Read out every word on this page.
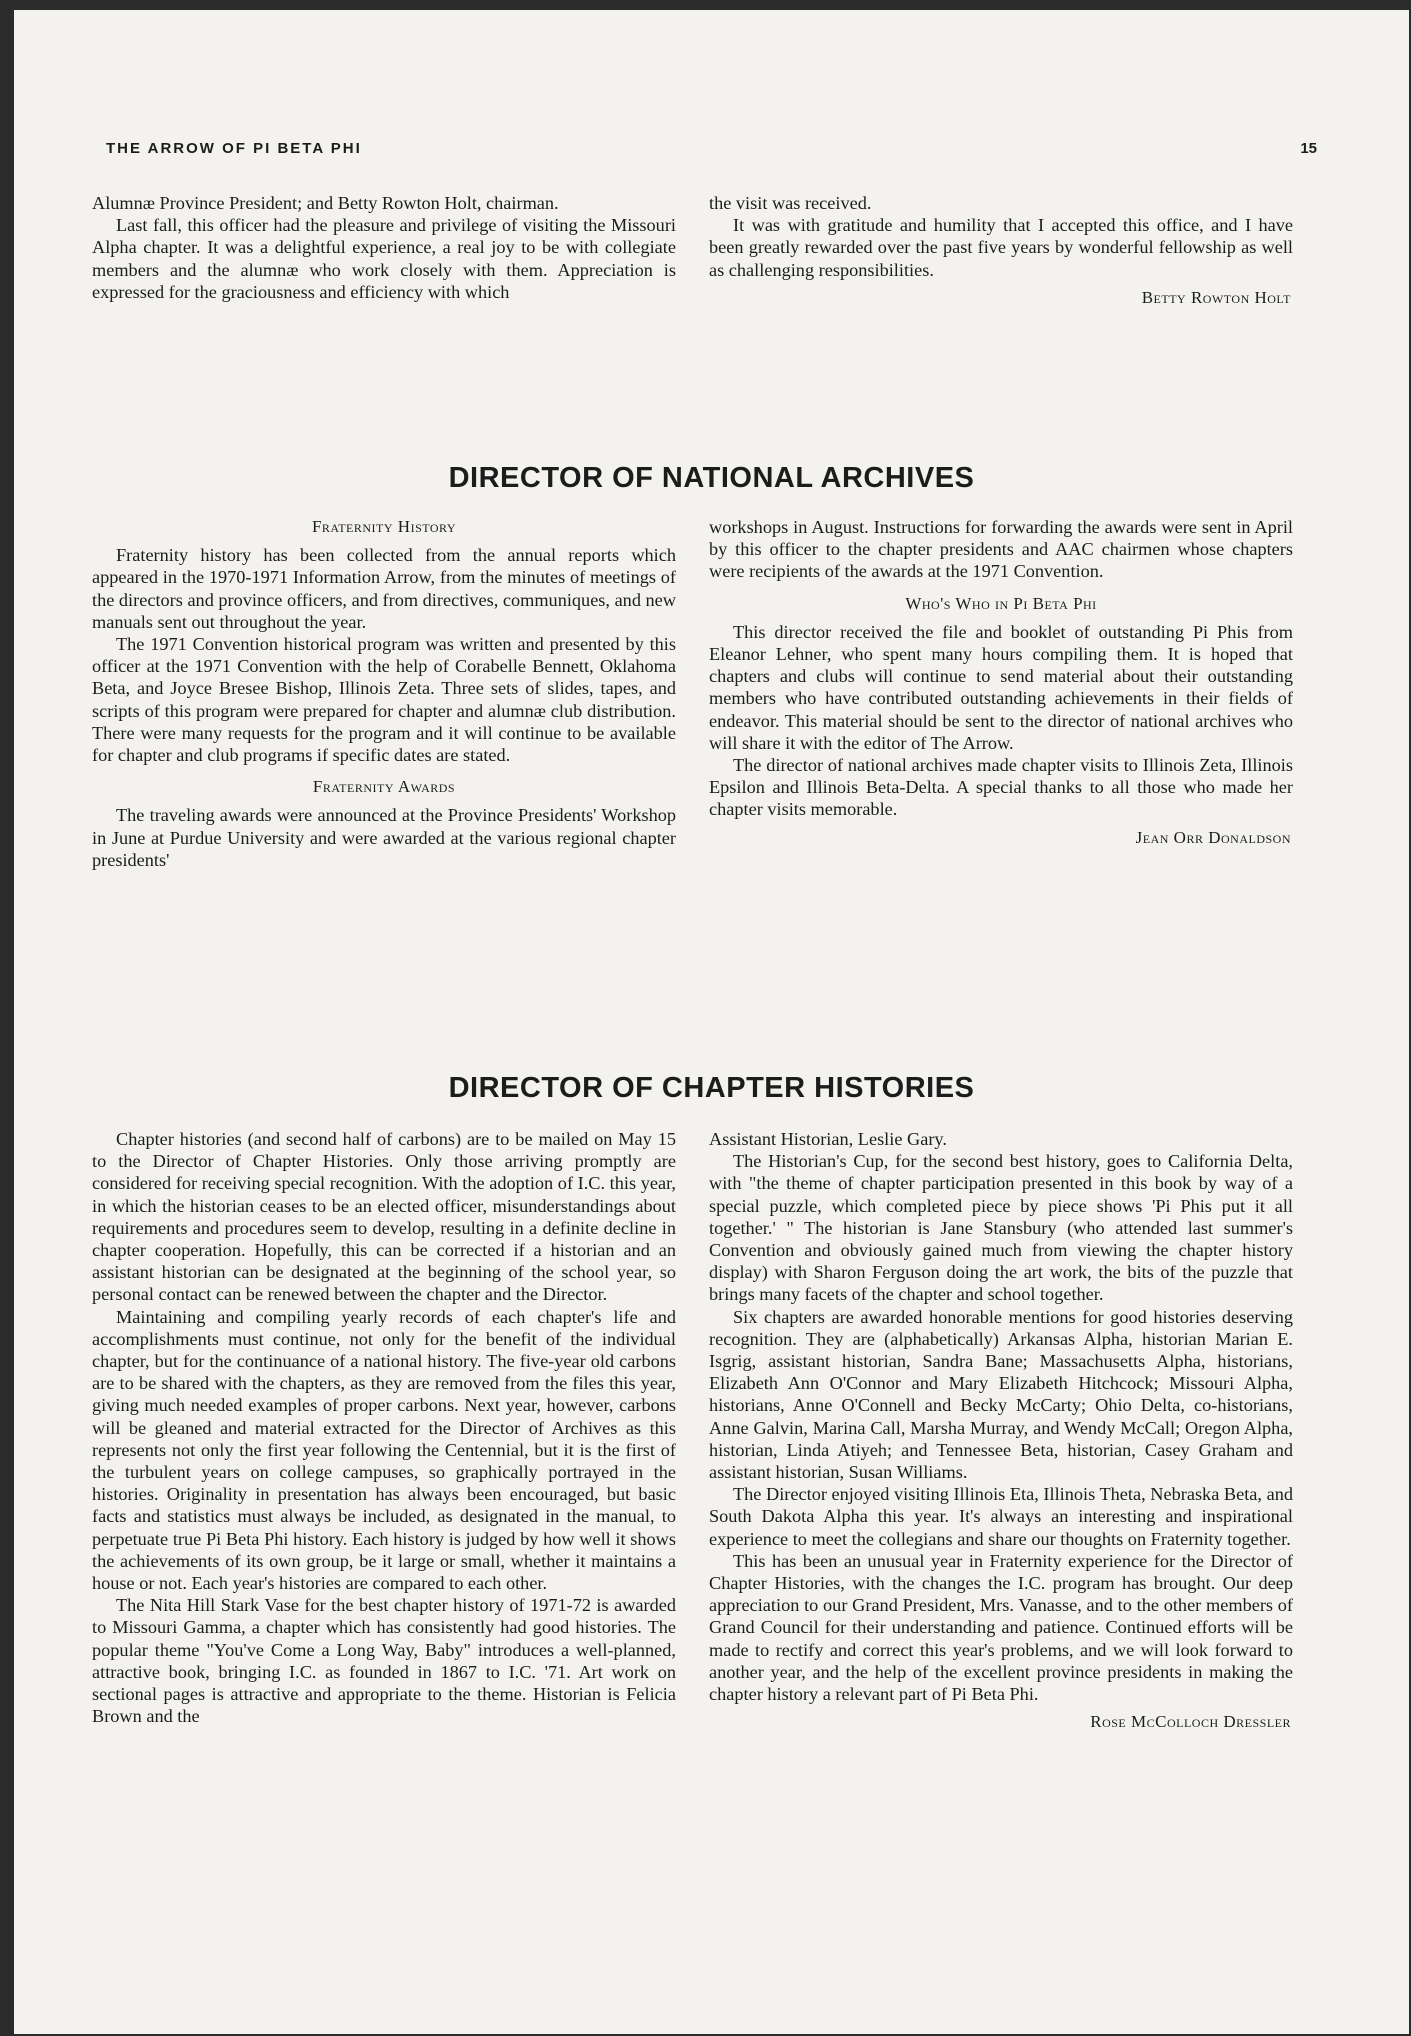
THE ARROW OF PI BETA PHI	15

Alumnæ Province President; and Betty Rowton Holt, chairman.

Last fall, this officer had the pleasure and privilege of visiting the Missouri Alpha chapter. It was a delightful experience, a real joy to be with collegiate members and the alumnæ who work closely with them. Appreciation is expressed for the graciousness and efficiency with which

the visit was received.

It was with gratitude and humility that I accepted this office, and I have been greatly rewarded over the past five years by wonderful fellowship as well as challenging responsibilities.

Betty Rowton Holt
DIRECTOR OF NATIONAL ARCHIVES
Fraternity History

Fraternity history has been collected from the annual reports which appeared in the 1970-1971 Information Arrow, from the minutes of meetings of the directors and province officers, and from directives, communiques, and new manuals sent out throughout the year.

The 1971 Convention historical program was written and presented by this officer at the 1971 Convention with the help of Corabelle Bennett, Oklahoma Beta, and Joyce Bresee Bishop, Illinois Zeta. Three sets of slides, tapes, and scripts of this program were prepared for chapter and alumnæ club distribution. There were many requests for the program and it will continue to be available for chapter and club programs if specific dates are stated.

Fraternity Awards

The traveling awards were announced at the Province Presidents' Workshop in June at Purdue University and were awarded at the various regional chapter presidents'

workshops in August. Instructions for forwarding the awards were sent in April by this officer to the chapter presidents and AAC chairmen whose chapters were recipients of the awards at the 1971 Convention.

Who's Who in Pi Beta Phi

This director received the file and booklet of outstanding Pi Phis from Eleanor Lehner, who spent many hours compiling them. It is hoped that chapters and clubs will continue to send material about their outstanding members who have contributed outstanding achievements in their fields of endeavor. This material should be sent to the director of national archives who will share it with the editor of The Arrow.

The director of national archives made chapter visits to Illinois Zeta, Illinois Epsilon and Illinois Beta-Delta. A special thanks to all those who made her chapter visits memorable.

Jean Orr Donaldson
DIRECTOR OF CHAPTER HISTORIES

Chapter histories (and second half of carbons) are to be mailed on May 15 to the Director of Chapter Histories. Only those arriving promptly are considered for receiving special recognition. With the adoption of I.C. this year, in which the historian ceases to be an elected officer, misunderstandings about requirements and procedures seem to develop, resulting in a definite decline in chapter cooperation. Hopefully, this can be corrected if a historian and an assistant historian can be designated at the beginning of the school year, so personal contact can be renewed between the chapter and the Director.

Maintaining and compiling yearly records of each chapter's life and accomplishments must continue, not only for the benefit of the individual chapter, but for the continuance of a national history. The five-year old carbons are to be shared with the chapters, as they are removed from the files this year, giving much needed examples of proper carbons. Next year, however, carbons will be gleaned and material extracted for the Director of Archives as this represents not only the first year following the Centennial, but it is the first of the turbulent years on college campuses, so graphically portrayed in the histories. Originality in presentation has always been encouraged, but basic facts and statistics must always be included, as designated in the manual, to perpetuate true Pi Beta Phi history. Each history is judged by how well it shows the achievements of its own group, be it large or small, whether it maintains a house or not. Each year's histories are compared to each other.

The Nita Hill Stark Vase for the best chapter history of 1971-72 is awarded to Missouri Gamma, a chapter which has consistently had good histories. The popular theme "You've Come a Long Way, Baby" introduces a well-planned, attractive book, bringing I.C. as founded in 1867 to I.C. '71. Art work on sectional pages is attractive and appropriate to the theme. Historian is Felicia Brown and the

Assistant Historian, Leslie Gary.

The Historian's Cup, for the second best history, goes to California Delta, with "the theme of chapter participation presented in this book by way of a special puzzle, which completed piece by piece shows 'Pi Phis put it all together.' " The historian is Jane Stansbury (who attended last summer's Convention and obviously gained much from viewing the chapter history display) with Sharon Ferguson doing the art work, the bits of the puzzle that brings many facets of the chapter and school together.

Six chapters are awarded honorable mentions for good histories deserving recognition. They are (alphabetically) Arkansas Alpha, historian Marian E. Isgrig, assistant historian, Sandra Bane; Massachusetts Alpha, historians, Elizabeth Ann O'Connor and Mary Elizabeth Hitchcock; Missouri Alpha, historians, Anne O'Connell and Becky McCarty; Ohio Delta, co-historians, Anne Galvin, Marina Call, Marsha Murray, and Wendy McCall; Oregon Alpha, historian, Linda Atiyeh; and Tennessee Beta, historian, Casey Graham and assistant historian, Susan Williams.

The Director enjoyed visiting Illinois Eta, Illinois Theta, Nebraska Beta, and South Dakota Alpha this year. It's always an interesting and inspirational experience to meet the collegians and share our thoughts on Fraternity together.

This has been an unusual year in Fraternity experience for the Director of Chapter Histories, with the changes the I.C. program has brought. Our deep appreciation to our Grand President, Mrs. Vanasse, and to the other members of Grand Council for their understanding and patience. Continued efforts will be made to rectify and correct this year's problems, and we will look forward to another year, and the help of the excellent province presidents in making the chapter history a relevant part of Pi Beta Phi.

Rose McColloch Dressler
